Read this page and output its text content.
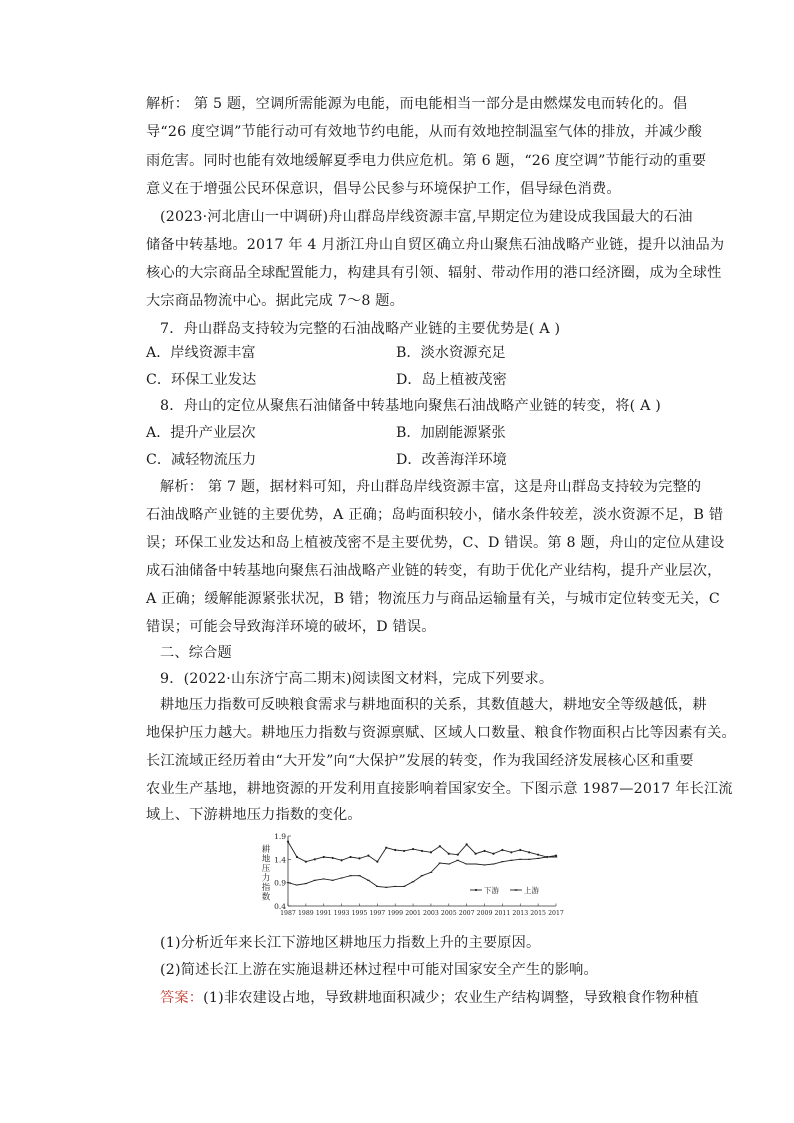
解析： 第 5 题，空调所需能源为电能，而电能相当一部分是由燃煤发电而转化的。倡
导“26 度空调”节能行动可有效地节约电能，从而有效地控制温室气体的排放，并减少酸
雨危害。同时也能有效地缓解夏季电力供应危机。第 6 题，“26 度空调”节能行动的重要
意义在于增强公民环保意识，倡导公民参与环境保护工作，倡导绿色消费。
(2023·河北唐山一中调研)舟山群岛岸线资源丰富,早期定位为建设成我国最大的石油
储备中转基地。2017 年 4 月浙江舟山自贸区确立舟山聚焦石油战略产业链，提升以油品为
核心的大宗商品全球配置能力，构建具有引领、辐射、带动作用的港口经济圈，成为全球性
大宗商品物流中心。据此完成 7～8 题。
7．舟山群岛支持较为完整的石油战略产业链的主要优势是( A )
A．岸线资源丰富	B．淡水资源充足
C．环保工业发达	D．岛上植被茂密
8．舟山的定位从聚焦石油储备中转基地向聚焦石油战略产业链的转变，将( A )
A．提升产业层次	B．加剧能源紧张
C．减轻物流压力	D．改善海洋环境
解析： 第 7 题，据材料可知，舟山群岛岸线资源丰富，这是舟山群岛支持较为完整的
石油战略产业链的主要优势，A 正确；岛屿面积较小，储水条件较差，淡水资源不足，B 错
误；环保工业发达和岛上植被茂密不是主要优势，C、D 错误。第 8 题，舟山的定位从建设
成石油储备中转基地向聚焦石油战略产业链的转变，有助于优化产业结构，提升产业层次，
A 正确；缓解能源紧张状况，B 错；物流压力与商品运输量有关，与城市定位转变无关，C
错误；可能会导致海洋环境的破坏，D 错误。
二、综合题
9．(2022·山东济宁高二期末)阅读图文材料，完成下列要求。
耕地压力指数可反映粮食需求与耕地面积的关系，其数值越大，耕地安全等级越低，耕
地保护压力越大。耕地压力指数与资源禀赋、区域人口数量、粮食作物面积占比等因素有关。
长江流域正经历着由“大开发”向“大保护”发展的转变，作为我国经济发展核心区和重要
农业生产基地，耕地资源的开发利用直接影响着国家安全。下图示意 1987—2017 年长江流
域上、下游耕地压力指数的变化。
1.9
1.4
0.9
0.4
耕
地
压
力
指
数
1987 1989 1991 1993 1995 1997 1999 2001 2003 2005 2007 2009 2011 2013 2015 2017
下游	上游
(1)分析近年来长江下游地区耕地压力指数上升的主要原因。
(2)简述长江上游在实施退耕还林过程中可能对国家安全产生的影响。
答案：(1)非农建设占地，导致耕地面积减少；农业生产结构调整，导致粮食作物种植
